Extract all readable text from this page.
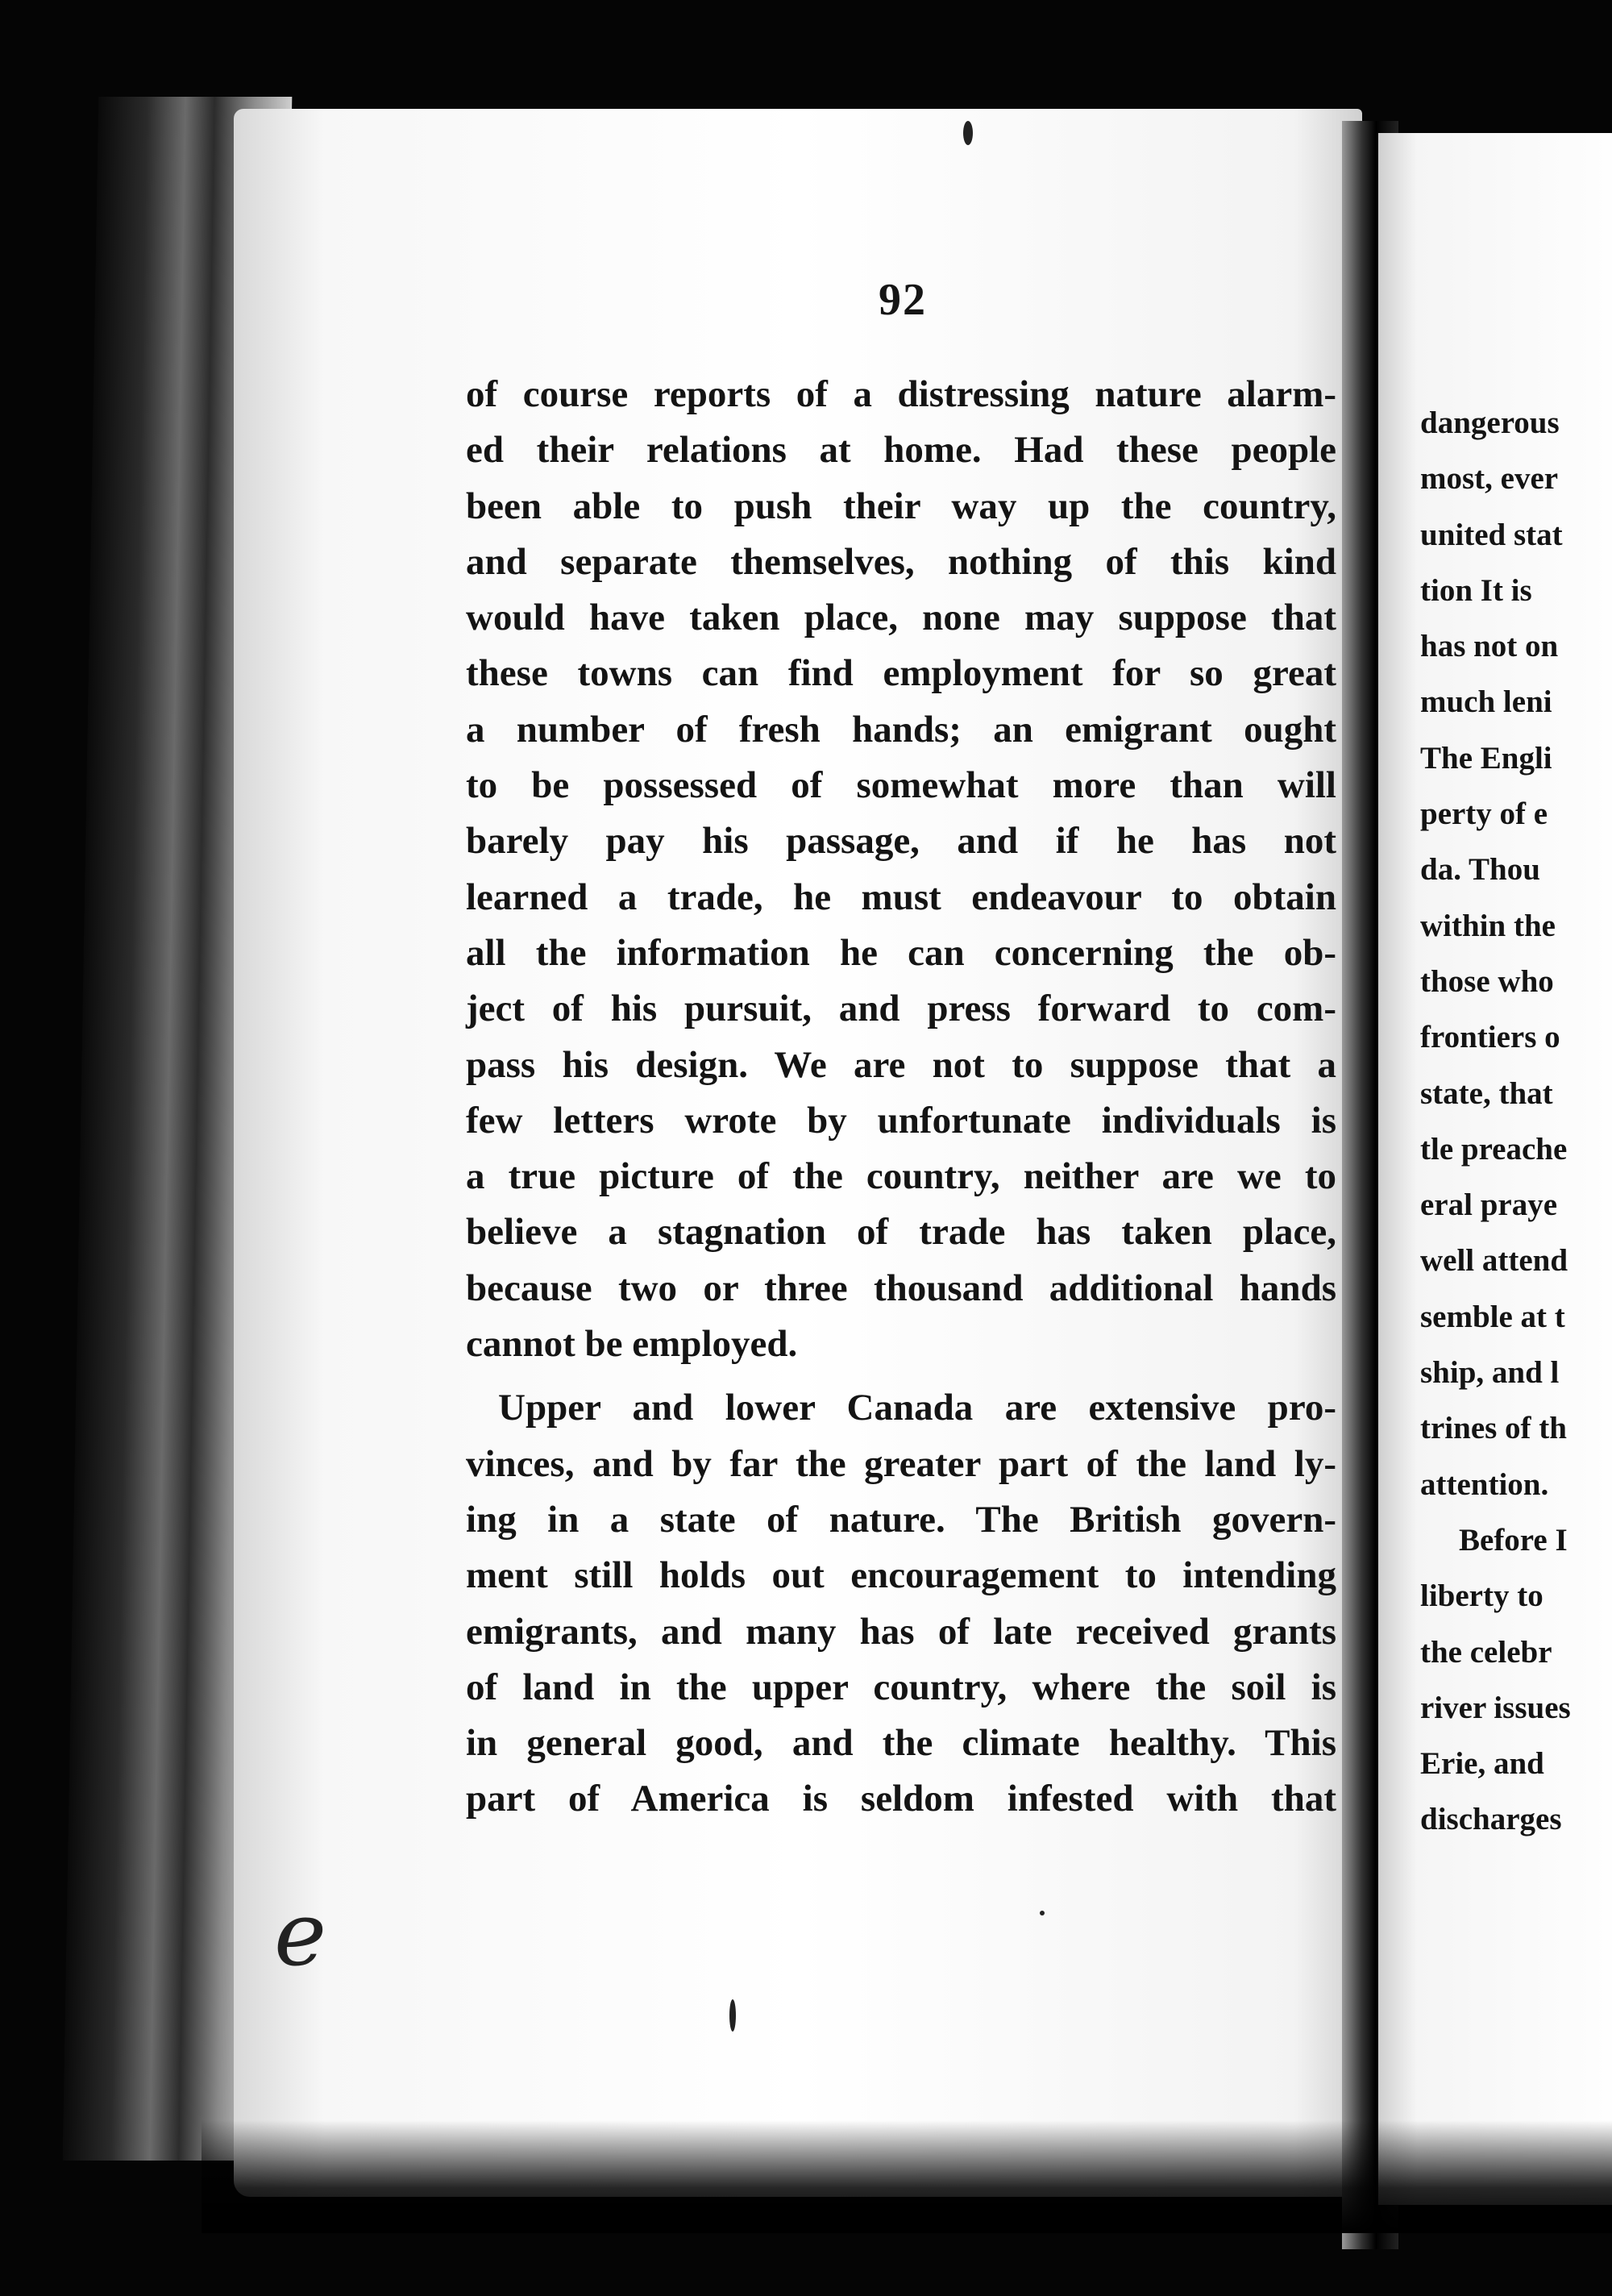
92
of course reports of a distressing nature alarm-
ed their relations at home. Had these people
been able to push their way up the country,
and separate themselves, nothing of this kind
would have taken place, none may suppose that
these towns can find employment for so great
a number of fresh hands; an emigrant ought
to be possessed of somewhat more than will
barely pay his passage, and if he has not
learned a trade, he must endeavour to obtain
all the information he can concerning the ob-
ject of his pursuit, and press forward to com-
pass his design. We are not to suppose that a
few letters wrote by unfortunate individuals is
a true picture of the country, neither are we to
believe a stagnation of trade has taken place,
because two or three thousand additional hands
cannot be employed.
Upper and lower Canada are extensive pro-
vinces, and by far the greater part of the land ly-
ing in a state of nature. The British govern-
ment still holds out encouragement to intending
emigrants, and many has of late received grants
of land in the upper country, where the soil is
in general good, and the climate healthy. This
part of America is seldom infested with that
dangerous
most, ever
united stat
tion It is
has not on
much leni
The Engli
perty of e
da. Thou
within the
those who
frontiers o
state, that
tle preache
eral praye
well attend
semble at t
ship, and l
trines of th
attention.
Before I
liberty to
the celebr
river issues
Erie, and
discharges
e
